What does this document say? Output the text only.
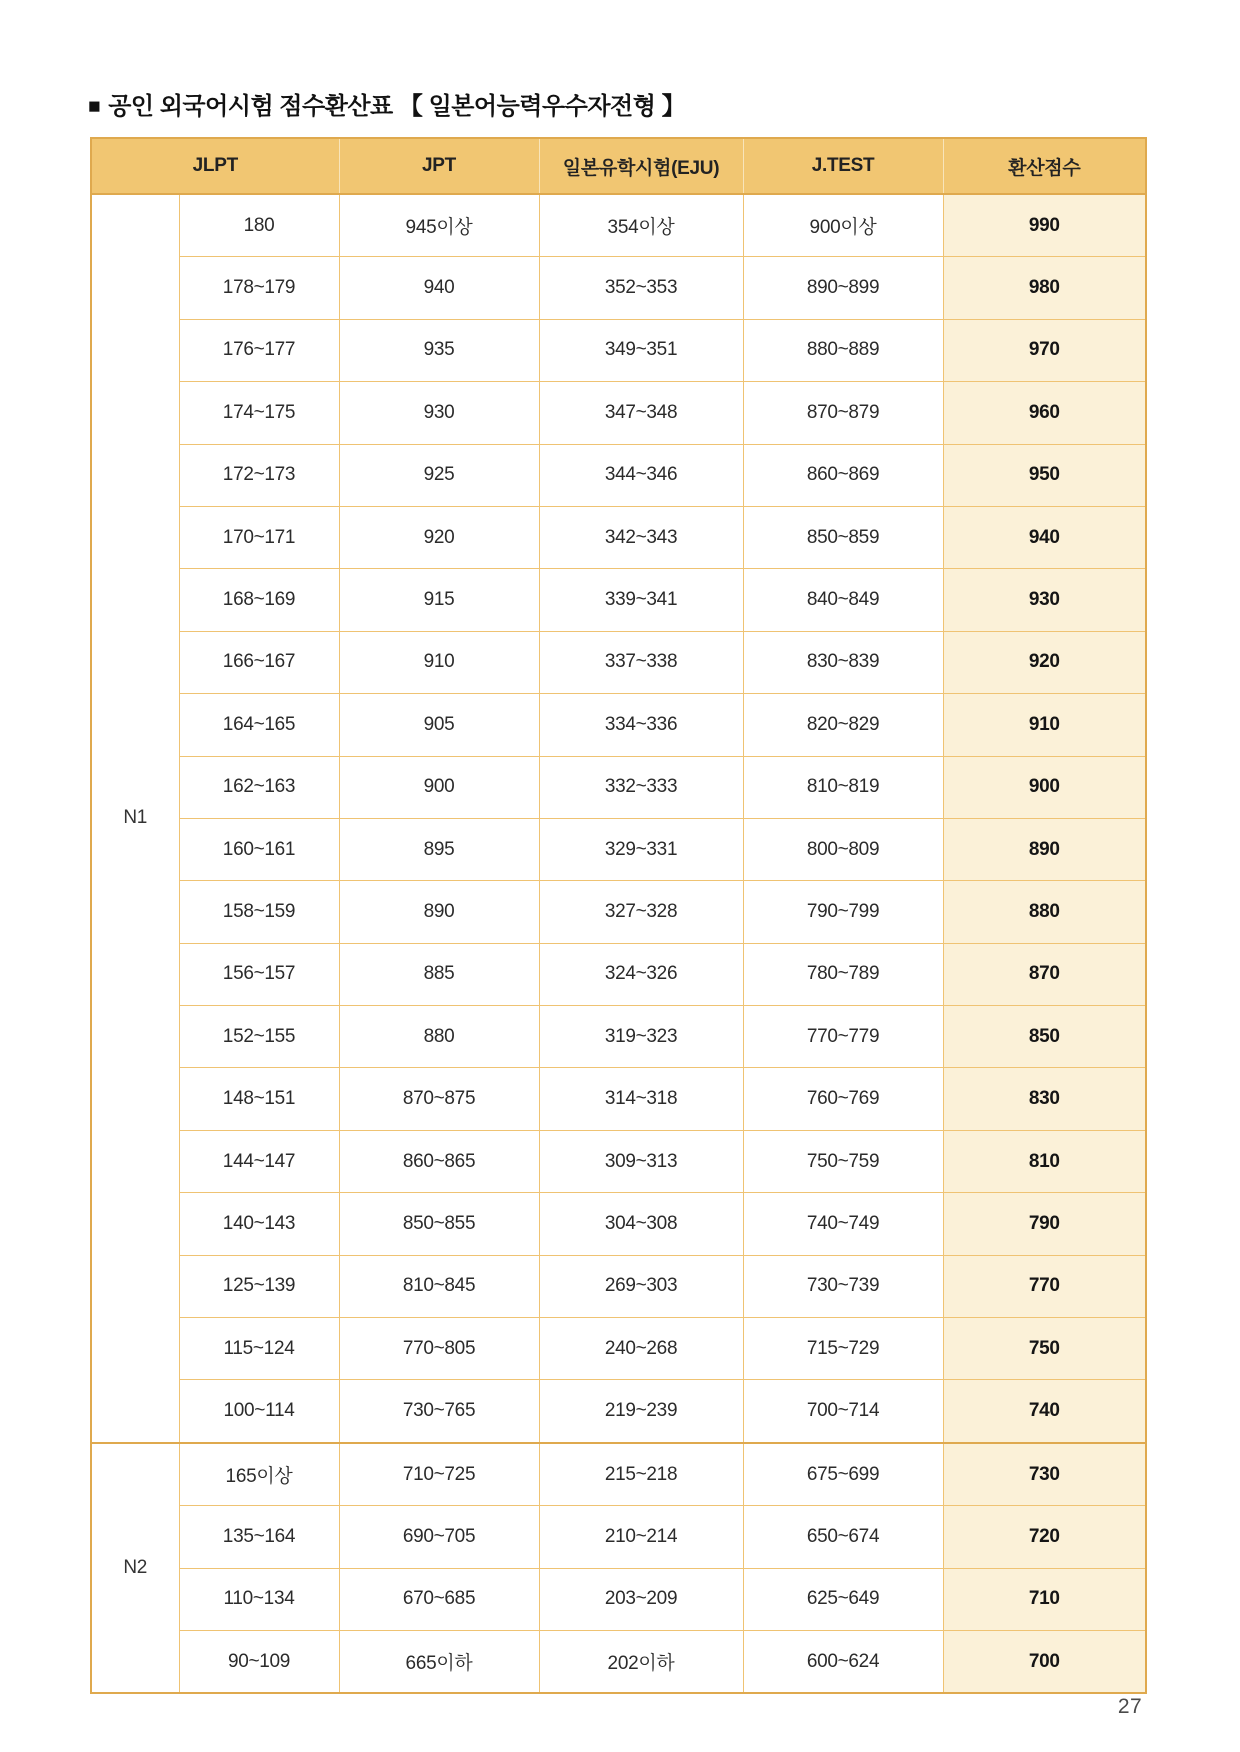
■ 공인 외국어시험 점수환산표 【 일본어능력우수자전형 】
JLPT		JPT	일본유학시험(EJU)	J.TEST	환산점수
N1	180	945이상	354이상	900이상	990
	178~179	940	352~353	890~899	980
	176~177	935	349~351	880~889	970
	174~175	930	347~348	870~879	960
	172~173	925	344~346	860~869	950
	170~171	920	342~343	850~859	940
	168~169	915	339~341	840~849	930
	166~167	910	337~338	830~839	920
	164~165	905	334~336	820~829	910
	162~163	900	332~333	810~819	900
	160~161	895	329~331	800~809	890
	158~159	890	327~328	790~799	880
	156~157	885	324~326	780~789	870
	152~155	880	319~323	770~779	850
	148~151	870~875	314~318	760~769	830
	144~147	860~865	309~313	750~759	810
	140~143	850~855	304~308	740~749	790
	125~139	810~845	269~303	730~739	770
	115~124	770~805	240~268	715~729	750
	100~114	730~765	219~239	700~714	740
N2	165이상	710~725	215~218	675~699	730
	135~164	690~705	210~214	650~674	720
	110~134	670~685	203~209	625~649	710
	90~109	665이하	202이하	600~624	700
27
